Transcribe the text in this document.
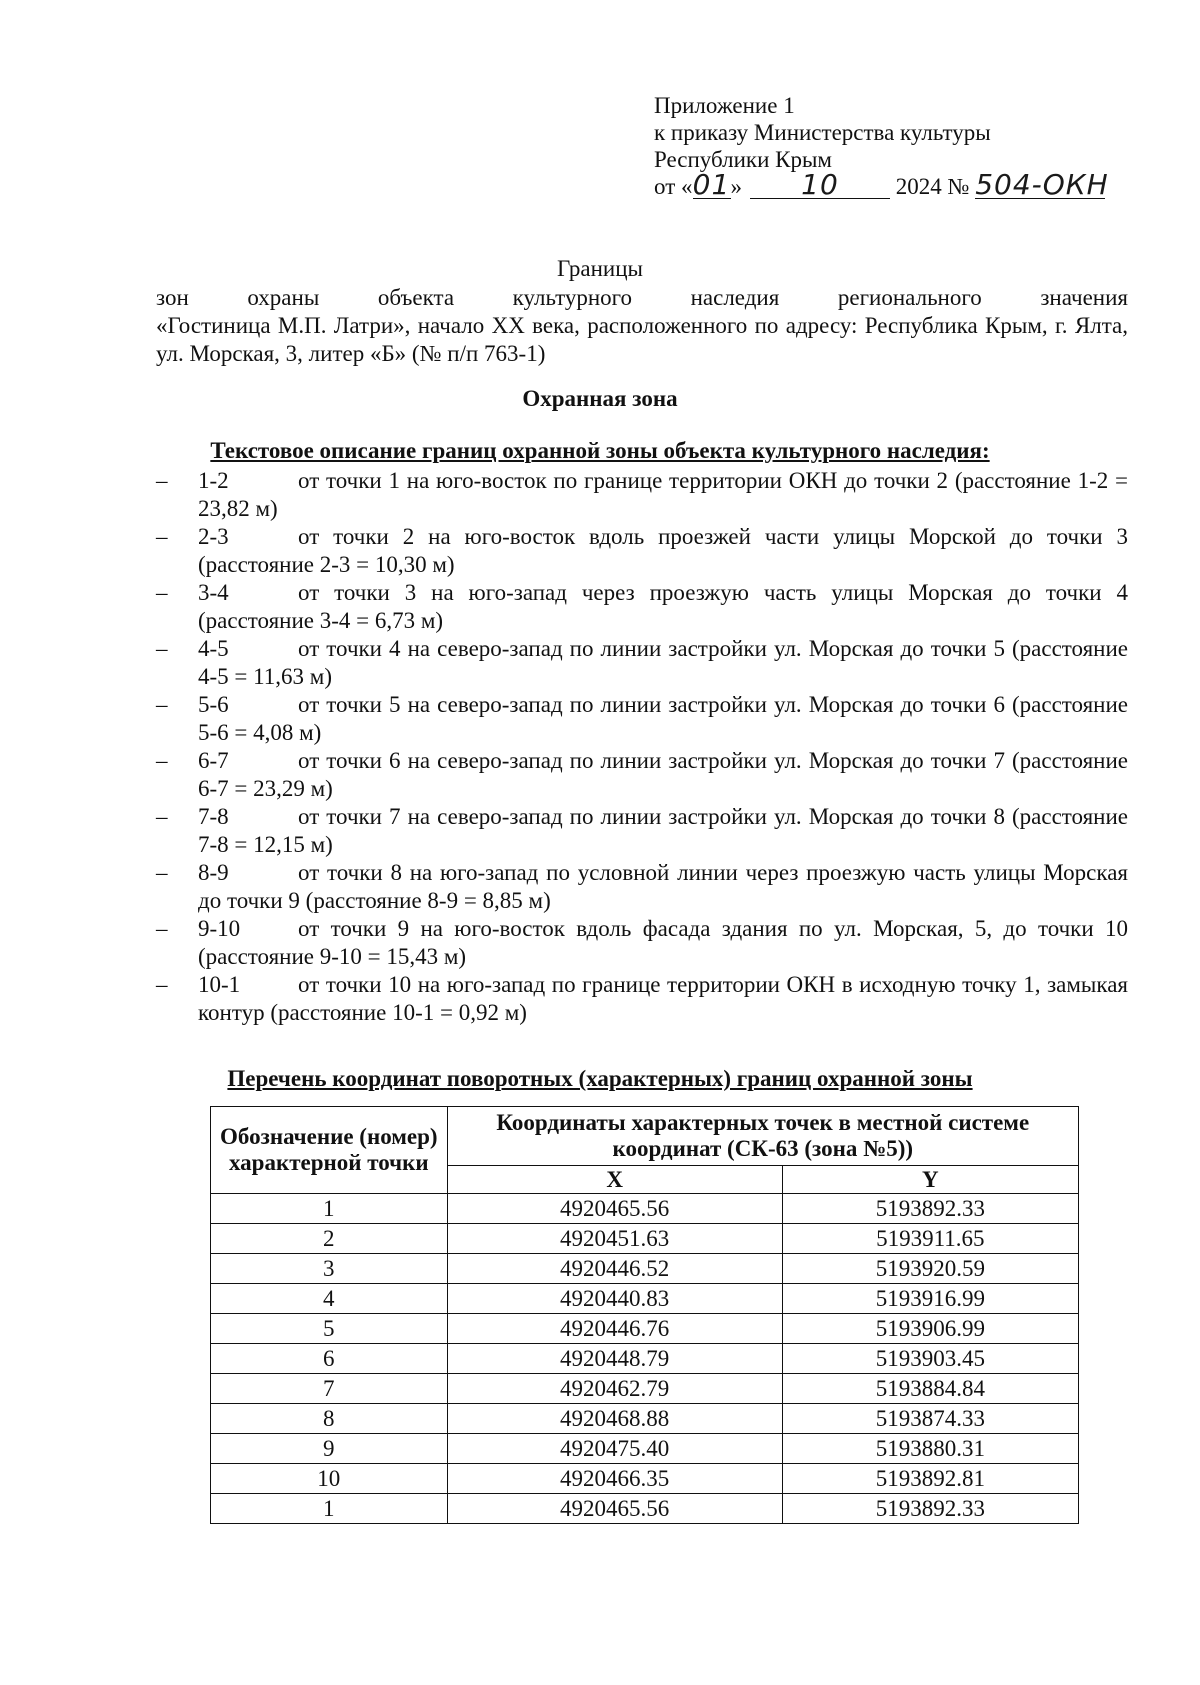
Приложение 1
к приказу Министерства культуры
Республики Крым
от «01» 10 2024 № 504-ОКН
Границы
зон охраны объекта культурного наследия регионального значения
«Гостиница М.П. Латри», начало ХХ века, расположенного по адресу: Республика Крым, г. Ялта, ул. Морская, 3, литер «Б» (№ п/п 763-1)
Охранная зона
Текстовое описание границ охранной зоны объекта культурного наследия:
– 1-2	от точки 1 на юго-восток по границе территории ОКН до точки 2 (расстояние 1-2 = 23,82 м)
– 2-3	от точки 2 на юго-восток вдоль проезжей части улицы Морской до точки 3 (расстояние 2-3 = 10,30 м)
– 3-4	от точки 3 на юго-запад через проезжую часть улицы Морская до точки 4 (расстояние 3-4 = 6,73 м)
– 4-5	от точки 4 на северо-запад по линии застройки ул. Морская до точки 5 (расстояние 4-5 = 11,63 м)
– 5-6	от точки 5 на северо-запад по линии застройки ул. Морская до точки 6 (расстояние 5-6 = 4,08 м)
– 6-7	от точки 6 на северо-запад по линии застройки ул. Морская до точки 7 (расстояние 6-7 = 23,29 м)
– 7-8	от точки 7 на северо-запад по линии застройки ул. Морская до точки 8 (расстояние 7-8 = 12,15 м)
– 8-9	от точки 8 на юго-запад по условной линии через проезжую часть улицы Морская до точки 9 (расстояние 8-9 = 8,85 м)
– 9-10	от точки 9 на юго-восток вдоль фасада здания по ул. Морская, 5, до точки 10 (расстояние 9-10 = 15,43 м)
– 10-1	от точки 10 на юго-запад по границе территории ОКН в исходную точку 1, замыкая контур (расстояние 10-1 = 0,92 м)
Перечень координат поворотных (характерных) границ охранной зоны
Обозначение (номер) характерной точки	Координаты характерных точек в местной системе координат (СК-63 (зона №5))	
	X	Y
1	4920465.56	5193892.33
2	4920451.63	5193911.65
3	4920446.52	5193920.59
4	4920440.83	5193916.99
5	4920446.76	5193906.99
6	4920448.79	5193903.45
7	4920462.79	5193884.84
8	4920468.88	5193874.33
9	4920475.40	5193880.31
10	4920466.35	5193892.81
1	4920465.56	5193892.33
